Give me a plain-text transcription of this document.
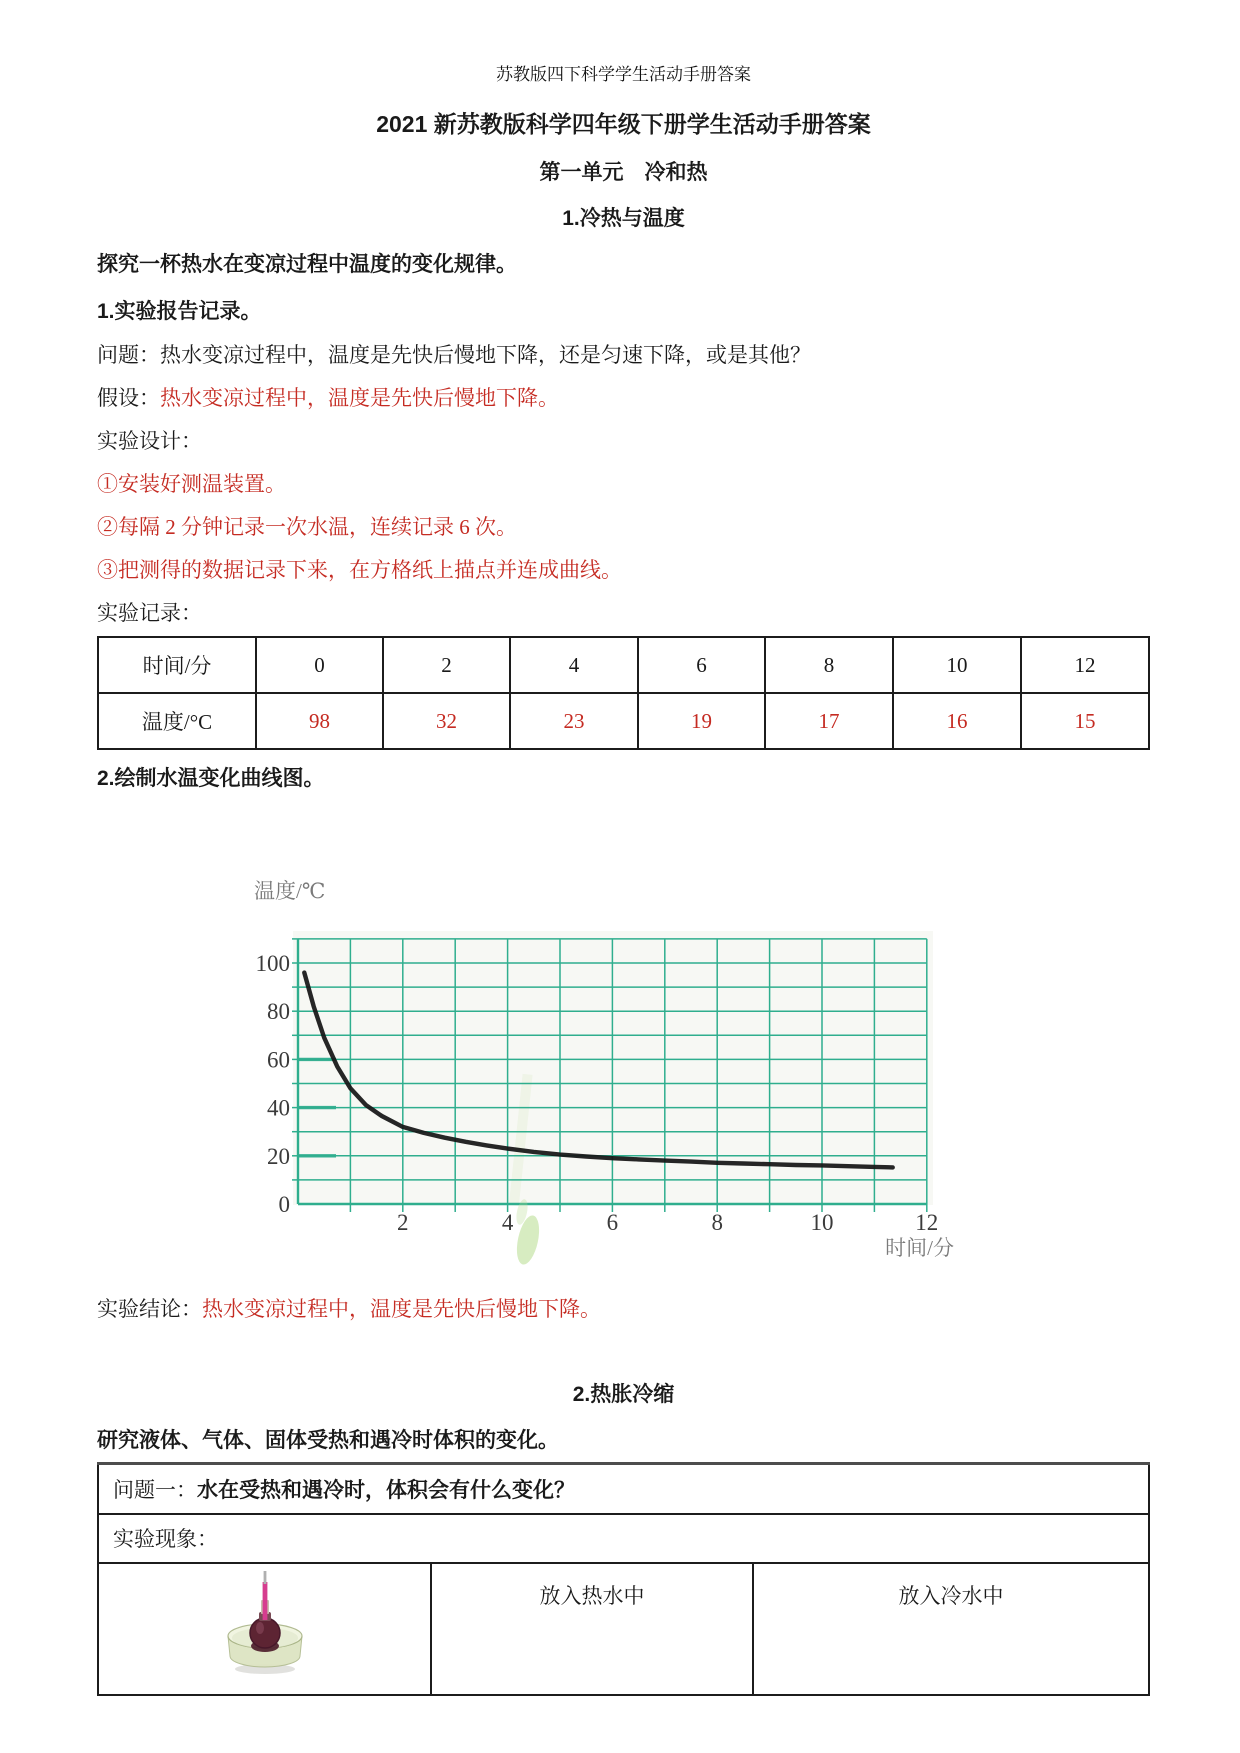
苏教版四下科学学生活动手册答案
2021 新苏教版科学四年级下册学生活动手册答案
第一单元　冷和热
1.冷热与温度
探究一杯热水在变凉过程中温度的变化规律。
1.实验报告记录。
问题：热水变凉过程中，温度是先快后慢地下降，还是匀速下降，或是其他？
假设：热水变凉过程中，温度是先快后慢地下降。
实验设计：
①安装好测温装置。
②每隔 2 分钟记录一次水温，连续记录 6 次。
③把测得的数据记录下来，在方格纸上描点并连成曲线。
实验记录：
时间/分	0	2	4	6	8	10	12
温度/°C	98	32	23	19	17	16	15
2.绘制水温变化曲线图。
0
20
40
60
80
100
2	4	6	8	10	12
温度/℃
时间/分
实验结论：热水变凉过程中，温度是先快后慢地下降。
2.热胀冷缩
研究液体、气体、固体受热和遇冷时体积的变化。
问题一：水在受热和遇冷时，体积会有什么变化？
实验现象：
	放入热水中	放入冷水中
